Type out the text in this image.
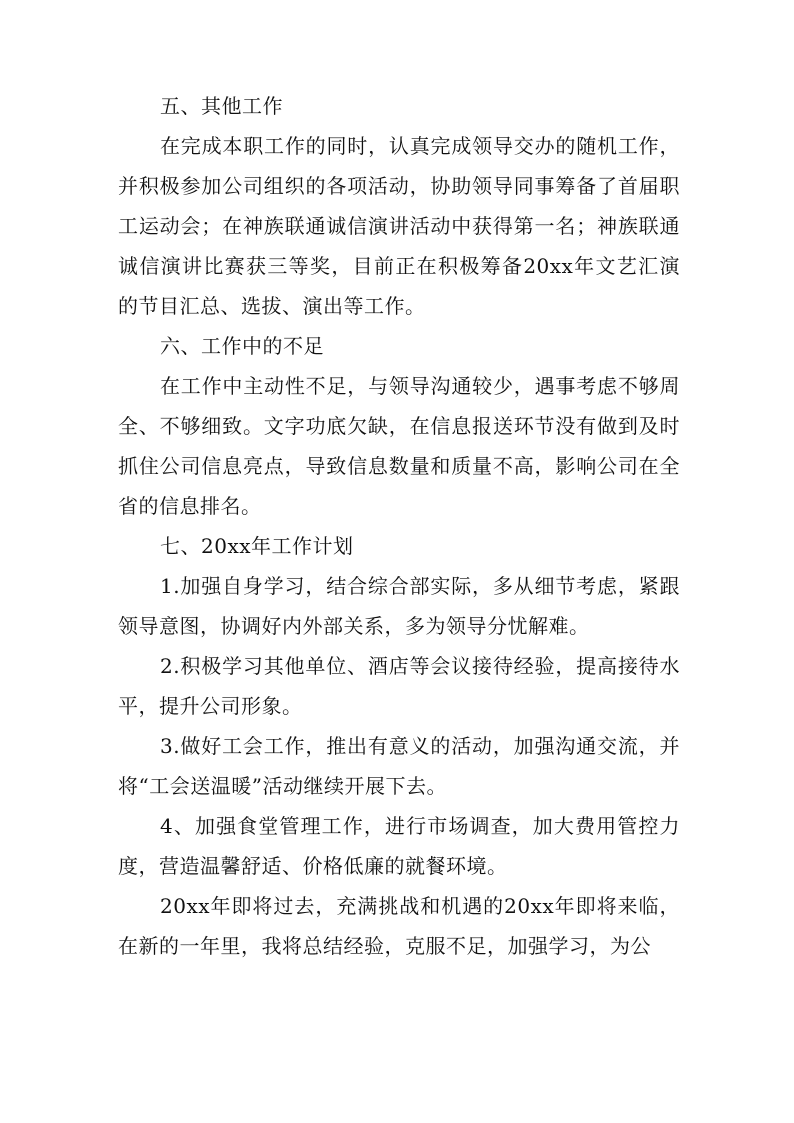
五、其他工作

在完成本职工作的同时，认真完成领导交办的随机工作，并积极参加公司组织的各项活动，协助领导同事筹备了首届职工运动会；在神族联通诚信演讲活动中获得第一名；神族联通诚信演讲比赛获三等奖，目前正在积极筹备20xx年文艺汇演的节目汇总、选拔、演出等工作。

六、工作中的不足

在工作中主动性不足，与领导沟通较少，遇事考虑不够周全、不够细致。文字功底欠缺，在信息报送环节没有做到及时抓住公司信息亮点，导致信息数量和质量不高，影响公司在全省的信息排名。

七、20xx年工作计划

1.加强自身学习，结合综合部实际，多从细节考虑，紧跟领导意图，协调好内外部关系，多为领导分忧解难。

2.积极学习其他单位、酒店等会议接待经验，提高接待水平，提升公司形象。

3.做好工会工作，推出有意义的活动，加强沟通交流，并将“工会送温暖”活动继续开展下去。

4、加强食堂管理工作，进行市场调查，加大费用管控力度，营造温馨舒适、价格低廉的就餐环境。

20xx年即将过去，充满挑战和机遇的20xx年即将来临，在新的一年里，我将总结经验，克服不足，加强学习，为公
